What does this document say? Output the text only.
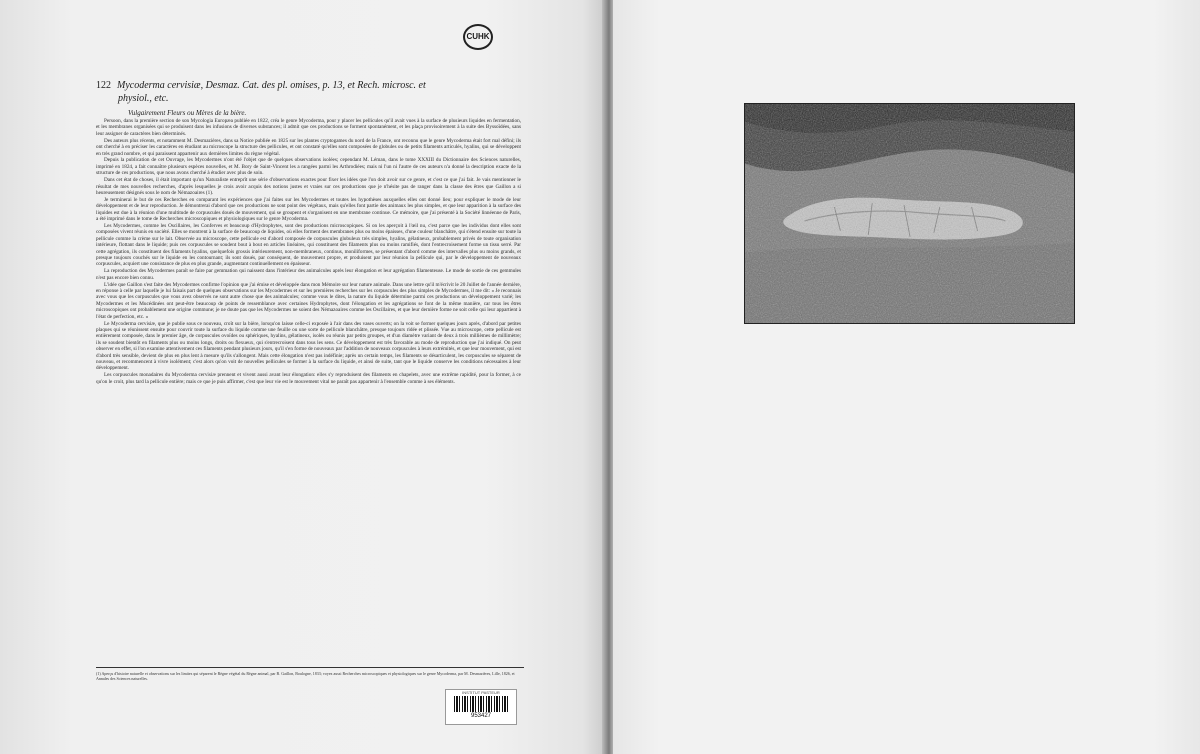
CUHK
122 Mycoderma cervisiæ, Desmaz. Cat. des pl. omises, p. 13, et Rech. microsc. et
physiol., etc.
Vulgairement Fleurs ou Mères de la bière.

Persoon, dans la première section de son Mycologia Europæa publiée en 1822, créa le genre Mycoderma, pour y placer les pellicules qu'il avait vues à la surface de plusieurs liquides en fermentation, et les membranes organisées qui se produisent dans les infusions de diverses substances; il admit que ces productions se forment spontanément, et les plaça provisoirement à la suite des Byssoïdées, sans leur assigner de caractères bien déterminés.

Des auteurs plus récents, et notamment M. Desmazières, dans sa Notice publiée en 1825 sur les plantes cryptogames du nord de la France, ont reconnu que le genre Mycoderma était fort mal défini; ils ont cherché à en préciser les caractères en étudiant au microscope la structure des pellicules, et ont constaté qu'elles sont composées de globules ou de petits filaments articulés, hyalins, qui se développent en très grand nombre, et qui paraissent appartenir aux dernières limites du règne végétal.

Depuis la publication de cet Ouvrage, les Mycodermes n'ont été l'objet que de quelques observations isolées; cependant M. Léman, dans le tome XXXIII du Dictionnaire des Sciences naturelles, imprimé en 1824, a fait connaître plusieurs espèces nouvelles, et M. Bory de Saint-Vincent les a rangées parmi les Arthrodiées; mais ni l'un ni l'autre de ces auteurs n'a donné la description exacte de la structure de ces productions, que nous avons cherché à étudier avec plus de soin.

Dans cet état de choses, il était important qu'un Naturaliste entreprît une série d'observations exactes pour fixer les idées que l'on doit avoir sur ce genre, et c'est ce que j'ai fait. Je vais mentionner le résultat de mes nouvelles recherches, d'après lesquelles je crois avoir acquis des notions justes et vraies sur ces productions que je n'hésite pas de ranger dans la classe des êtres que Gaillon a si heureusement désignés sous le nom de Némazoaires (1).

Je terminerai le but de ces Recherches en comparant les expériences que j'ai faites sur les Mycodermes et toutes les hypothèses auxquelles elles ont donné lieu; pour expliquer le mode de leur développement et de leur reproduction. Je démontrerai d'abord que ces productions ne sont point des végétaux, mais qu'elles font partie des animaux les plus simples, et que leur apparition à la surface des liquides est due à la réunion d'une multitude de corpuscules doués de mouvement, qui se groupent et s'organisent en une membrane continue. Ce mémoire, que j'ai présenté à la Société linnéenne de Paris, a été imprimé dans le tome de Recherches microscopiques et physiologiques sur le genre Mycoderma.

Les Mycodermes, comme les Oscillaires, les Conferves et beaucoup d'Hydrophytes, sont des productions microscopiques. Si on les aperçoit à l'œil nu, c'est parce que les individus dont elles sont composées vivent réunis en société. Elles se montrent à la surface de beaucoup de liquides, où elles forment des membranes plus ou moins épaisses, d'une couleur blanchâtre, qui s'étend ensuite sur toute la pellicule comme la crème sur le lait. Observée au microscope, cette pellicule est d'abord composée de corpuscules globuleux très simples, hyalins, gélatineux, probablement privés de toute organisation intérieure, flottant dans le liquide; puis ces corpuscules se soudent bout à bout en articles linéaires, qui constituent des filaments plus ou moins ramifiés, dont l'entrecroisement forme un tissu serré. Par cette agrégation, ils constituent des filaments hyalins, quelquefois grossis intérieurement, non-membraneux, continus, moniliformes, se présentant d'abord comme des intervalles plus ou moins grands, et presque toujours couchés sur le liquide en les contournant; ils sont doués, par conséquent, de mouvement propre, et produisent par leur réunion la pellicule qui, par le développement de nouveaux corpuscules, acquiert une consistance de plus en plus grande, augmentant continuellement en épaisseur.

La reproduction des Mycodermes paraît se faire par gemmation qui naissent dans l'intérieur des animalcules après leur élongation et leur agrégation filamenteuse. Le mode de sortie de ces gemmules n'est pas encore bien connu.

L'idée que Gaillon s'est faite des Mycodermes confirme l'opinion que j'ai émise et développée dans mon Mémoire sur leur nature animale. Dans une lettre qu'il m'écrivit le 20 Juillet de l'année dernière, en réponse à celle par laquelle je lui faisais part de quelques observations sur les Mycodermes et sur les premières recherches sur les corpuscules des plus simples de Mycodermes, il me dit: « Je reconnais avec vous que les corpuscules que vous avez observés ne sont autre chose que des animalcules; comme vous le dites, la nature du liquide détermine parmi ces productions un développement varié; les Mycodermes et les Mucédinées ont peut-être beaucoup de points de ressemblance avec certaines Hydrophytes, dont l'élongation et les agrégations se font de la même manière, car tous les êtres microscopiques ont probablement une origine commune; je ne doute pas que les Mycodermes ne soient des Némazoaires comme les Oscillaires, et que leur dernière forme ne soit celle qui leur appartient à l'état de perfection, etc. »

Le Mycoderma cervisiæ, que je publie sous ce nouveau, croît sur la bière, lorsqu'on laisse celle-ci exposée à l'air dans des vases ouverts; on la voit se former quelques jours après, d'abord par petites plaques qui se réunissent ensuite pour couvrir toute la surface du liquide comme une feuille ou une sorte de pellicule blanchâtre, presque toujours ridée et plissée. Vue au microscope, cette pellicule est entièrement composée, dans le premier âge, de corpuscules ovoïdes ou sphériques, hyalins, gélatineux, isolés ou réunis par petits groupes, et d'un diamètre variant de deux à trois millièmes de millimètre; ils se soudent bientôt en filaments plus ou moins longs, droits ou flexueux, qui s'entrecroisent dans tous les sens. Ce développement est très favorable au mode de reproduction que j'ai indiqué. On peut observer en effet, si l'on examine attentivement ces filaments pendant plusieurs jours, qu'il s'en forme de nouveaux par l'addition de nouveaux corpuscules à leurs extrémités, et que leur mouvement, qui est d'abord très sensible, devient de plus en plus lent à mesure qu'ils s'allongent. Mais cette élongation n'est pas indéfinie; après un certain temps, les filaments se désarticulent, les corpuscules se séparent de nouveau, et recommencent à vivre isolément; c'est alors qu'on voit de nouvelles pellicules se former à la surface du liquide, et ainsi de suite, tant que le liquide conserve les conditions nécessaires à leur développement.

Les corpuscules monadaires du Mycoderma cervisiæ prennent et vivent aussi avant leur élongation: elles s'y reproduisent des filaments en chapelets, avec une extrême rapidité, pour la former, à ce qu'on le croit, plus tard la pellicule entière; mais ce que je puis affirmer, c'est que leur vie est le mouvement vital ne paraît pas appartenir à l'ensemble comme à ses éléments.

(1) Aperçu d'histoire naturelle et observations sur les limites qui séparent le Règne végétal du Règne animal, par B. Gaillon, Boulogne, 1833; voyez aussi Recherches microscopiques et physiologiques sur le genre Mycoderma, par M. Desmazières, Lille, 1826, et Annales des Sciences naturelles.
INSTITUT PASTEUR
953427
